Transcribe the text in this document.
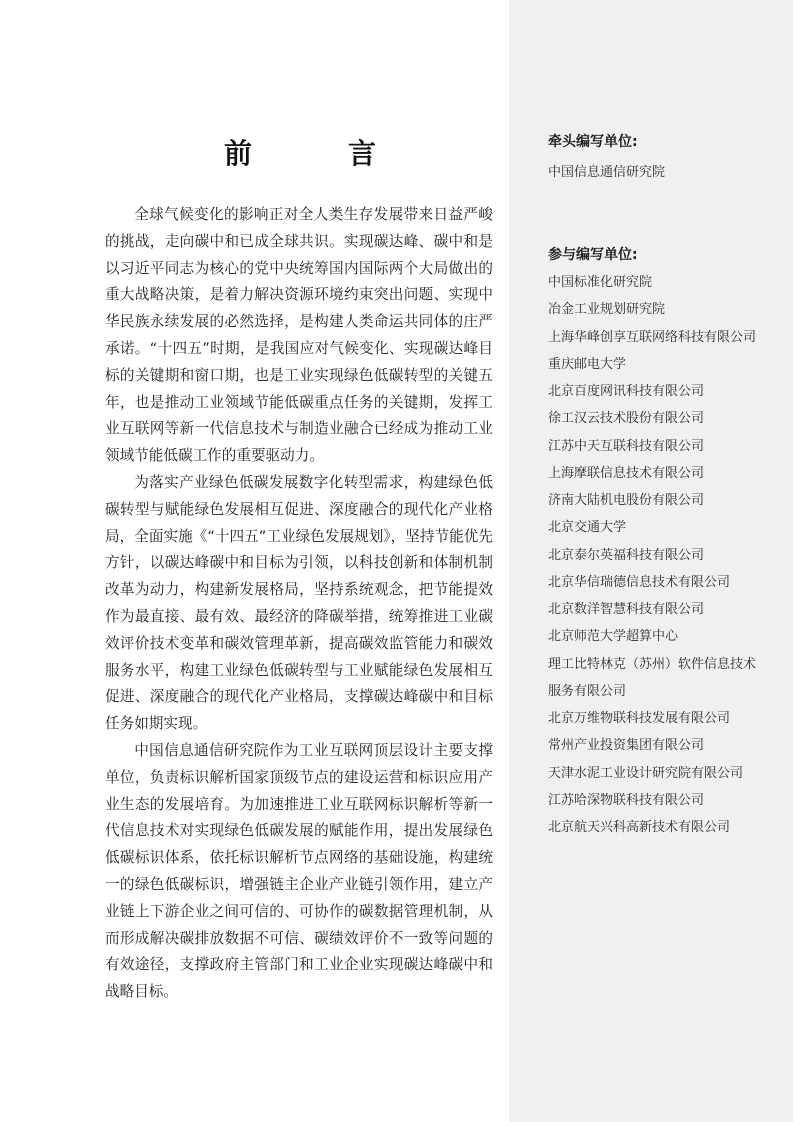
前　言

全球气候变化的影响正对全人类生存发展带来日益严峻的挑战，走向碳中和已成全球共识。实现碳达峰、碳中和是以习近平同志为核心的党中央统筹国内国际两个大局做出的重大战略决策，是着力解决资源环境约束突出问题、实现中华民族永续发展的必然选择，是构建人类命运共同体的庄严承诺。“十四五”时期，是我国应对气候变化、实现碳达峰目标的关键期和窗口期，也是工业实现绿色低碳转型的关键五年，也是推动工业领域节能低碳重点任务的关键期，发挥工业互联网等新一代信息技术与制造业融合已经成为推动工业领域节能低碳工作的重要驱动力。

为落实产业绿色低碳发展数字化转型需求，构建绿色低碳转型与赋能绿色发展相互促进、深度融合的现代化产业格局，全面实施《“十四五”工业绿色发展规划》，坚持节能优先方针，以碳达峰碳中和目标为引领，以科技创新和体制机制改革为动力，构建新发展格局，坚持系统观念，把节能提效作为最直接、最有效、最经济的降碳举措，统筹推进工业碳效评价技术变革和碳效管理革新，提高碳效监管能力和碳效服务水平，构建工业绿色低碳转型与工业赋能绿色发展相互促进、深度融合的现代化产业格局，支撑碳达峰碳中和目标任务如期实现。

中国信息通信研究院作为工业互联网顶层设计主要支撑单位，负责标识解析国家顶级节点的建设运营和标识应用产业生态的发展培育。为加速推进工业互联网标识解析等新一代信息技术对实现绿色低碳发展的赋能作用，提出发展绿色低碳标识体系，依托标识解析节点网络的基础设施，构建统一的绿色低碳标识，增强链主企业产业链引领作用，建立产业链上下游企业之间可信的、可协作的碳数据管理机制，从而形成解决碳排放数据不可信、碳绩效评价不一致等问题的有效途径，支撑政府主管部门和工业企业实现碳达峰碳中和战略目标。

牵头编写单位:

中国信息通信研究院

参与编写单位:
中国标准化研究院
冶金工业规划研究院
上海华峰创享互联网络科技有限公司
重庆邮电大学
北京百度网讯科技有限公司
徐工汉云技术股份有限公司
江苏中天互联科技有限公司
上海摩联信息技术有限公司
济南大陆机电股份有限公司
北京交通大学
北京泰尔英福科技有限公司
北京华信瑞德信息技术有限公司
北京数洋智慧科技有限公司
北京师范大学超算中心
理工比特林克（苏州）软件信息技术
服务有限公司
北京万维物联科技发展有限公司
常州产业投资集团有限公司
天津水泥工业设计研究院有限公司
江苏哈深物联科技有限公司
北京航天兴科高新技术有限公司
